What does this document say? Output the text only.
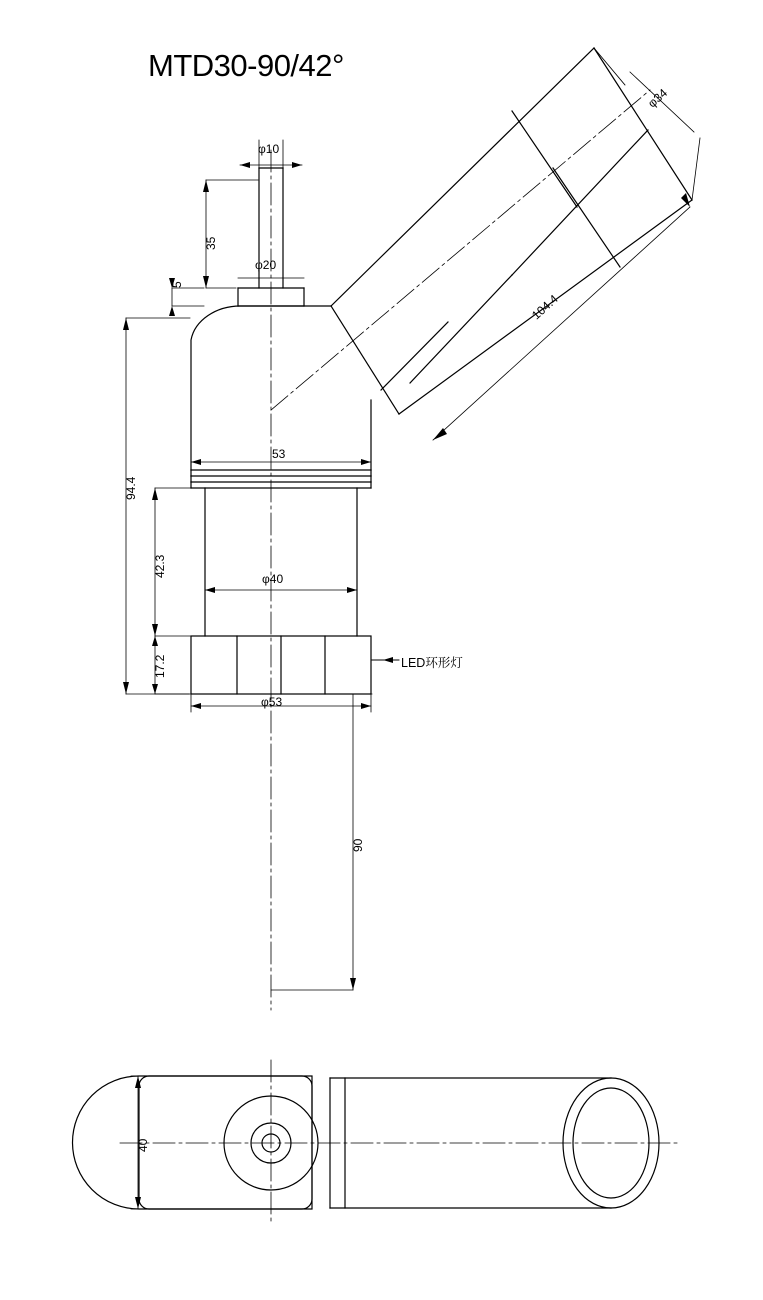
MTD30-90/42°
φ10
35
5
φ20
φ34
104.4
53
94.4
42.3
φ40
17.2
φ53
90
LED环形灯
40
